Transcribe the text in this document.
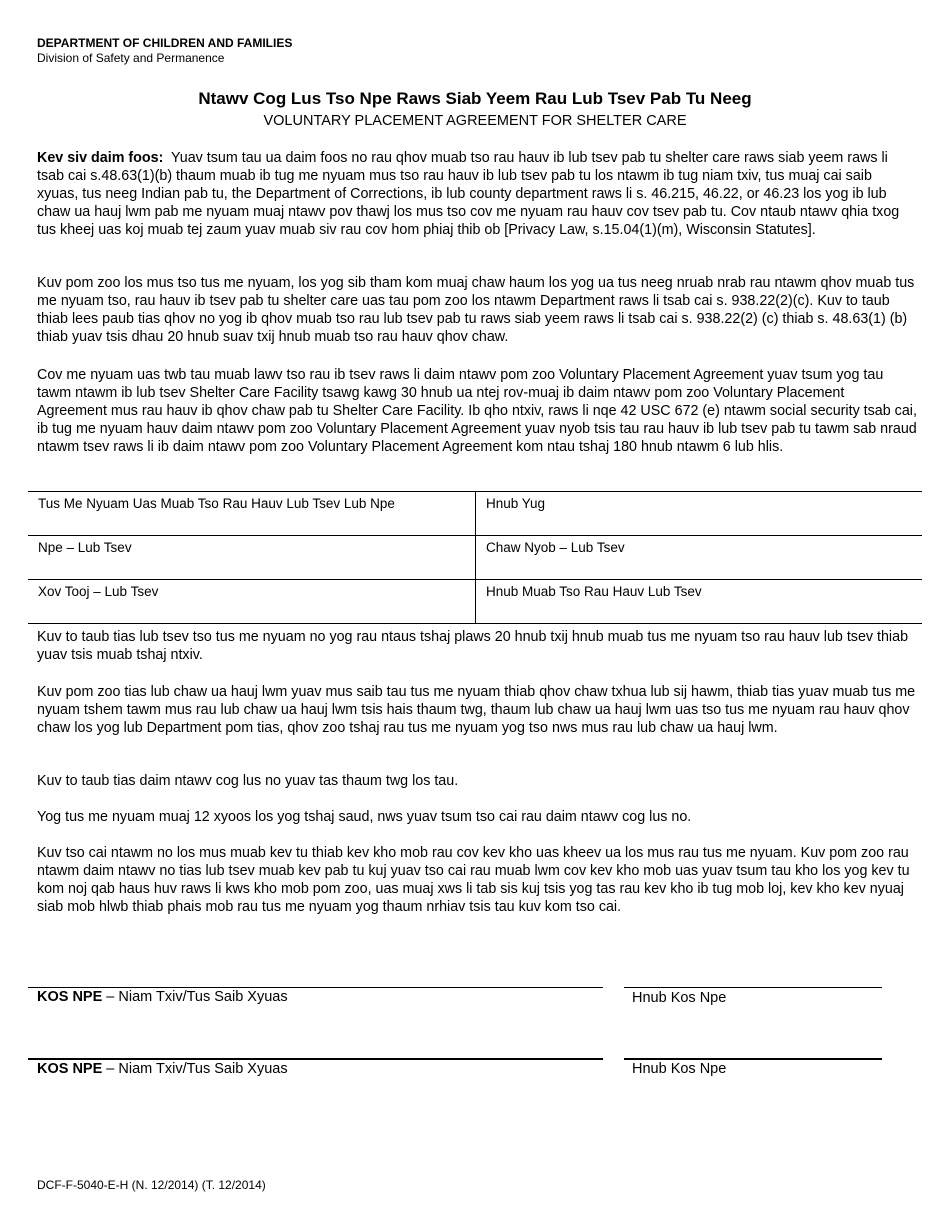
DEPARTMENT OF CHILDREN AND FAMILIES
Division of Safety and Permanence
Ntawv Cog Lus Tso Npe Raws Siab Yeem Rau Lub Tsev Pab Tu Neeg
VOLUNTARY PLACEMENT AGREEMENT FOR SHELTER CARE

Kev siv daim foos: Yuav tsum tau ua daim foos no rau qhov muab tso rau hauv ib lub tsev pab tu shelter care raws siab yeem raws li tsab cai s.48.63(1)(b) thaum muab ib tug me nyuam mus tso rau hauv ib lub tsev pab tu los ntawm ib tug niam txiv, tus muaj cai saib xyuas, tus neeg Indian pab tu, the Department of Corrections, ib lub county department raws li s. 46.215, 46.22, or 46.23 los yog ib lub chaw ua hauj lwm pab me nyuam muaj ntawv pov thawj los mus tso cov me nyuam rau hauv cov tsev pab tu. Cov ntaub ntawv qhia txog tus kheej uas koj muab tej zaum yuav muab siv rau cov hom phiaj thib ob [Privacy Law, s.15.04(1)(m), Wisconsin Statutes].

Kuv pom zoo los mus tso tus me nyuam, los yog sib tham kom muaj chaw haum los yog ua tus neeg nruab nrab rau ntawm qhov muab tus me nyuam tso, rau hauv ib tsev pab tu shelter care uas tau pom zoo los ntawm Department raws li tsab cai s. 938.22(2)(c). Kuv to taub thiab lees paub tias qhov no yog ib qhov muab tso rau lub tsev pab tu raws siab yeem raws li tsab cai s. 938.22(2) (c) thiab s. 48.63(1) (b) thiab yuav tsis dhau 20 hnub suav txij hnub muab tso rau hauv qhov chaw.

Cov me nyuam uas twb tau muab lawv tso rau ib tsev raws li daim ntawv pom zoo Voluntary Placement Agreement yuav tsum yog tau tawm ntawm ib lub tsev Shelter Care Facility tsawg kawg 30 hnub ua ntej rov-muaj ib daim ntawv pom zoo Voluntary Placement Agreement mus rau hauv ib qhov chaw pab tu Shelter Care Facility. Ib qho ntxiv, raws li nqe 42 USC 672 (e) ntawm social security tsab cai, ib tug me nyuam hauv daim ntawv pom zoo Voluntary Placement Agreement yuav nyob tsis tau rau hauv ib lub tsev pab tu tawm sab nraud ntawm tsev raws li ib daim ntawv pom zoo Voluntary Placement Agreement kom ntau tshaj 180 hnub ntawm 6 lub hlis.

Tus Me Nyuam Uas Muab Tso Rau Hauv Lub Tsev Lub Npe	Hnub Yug
Npe – Lub Tsev	Chaw Nyob – Lub Tsev
Xov Tooj – Lub Tsev	Hnub Muab Tso Rau Hauv Lub Tsev

Kuv to taub tias lub tsev tso tus me nyuam no yog rau ntaus tshaj plaws 20 hnub txij hnub muab tus me nyuam tso rau hauv lub tsev thiab yuav tsis muab tshaj ntxiv.

Kuv pom zoo tias lub chaw ua hauj lwm yuav mus saib tau tus me nyuam thiab qhov chaw txhua lub sij hawm, thiab tias yuav muab tus me nyuam tshem tawm mus rau lub chaw ua hauj lwm tsis hais thaum twg, thaum lub chaw ua hauj lwm uas tso tus me nyuam rau hauv qhov chaw los yog lub Department pom tias, qhov zoo tshaj rau tus me nyuam yog tso nws mus rau lub chaw ua hauj lwm.

Kuv to taub tias daim ntawv cog lus no yuav tas thaum twg los tau.

Yog tus me nyuam muaj 12 xyoos los yog tshaj saud, nws yuav tsum tso cai rau daim ntawv cog lus no.

Kuv tso cai ntawm no los mus muab kev tu thiab kev kho mob rau cov kev kho uas kheev ua los mus rau tus me nyuam. Kuv pom zoo rau ntawm daim ntawv no tias lub tsev muab kev pab tu kuj yuav tso cai rau muab lwm cov kev kho mob uas yuav tsum tau kho los yog kev tu kom noj qab haus huv raws li kws kho mob pom zoo, uas muaj xws li tab sis kuj tsis yog tas rau kev kho ib tug mob loj, kev kho kev nyuaj siab mob hlwb thiab phais mob rau tus me nyuam yog thaum nrhiav tsis tau kuv kom tso cai.

KOS NPE – Niam Txiv/Tus Saib Xyuas	Hnub Kos Npe
KOS NPE – Niam Txiv/Tus Saib Xyuas	Hnub Kos Npe
DCF-F-5040-E-H (N. 12/2014) (T. 12/2014)
